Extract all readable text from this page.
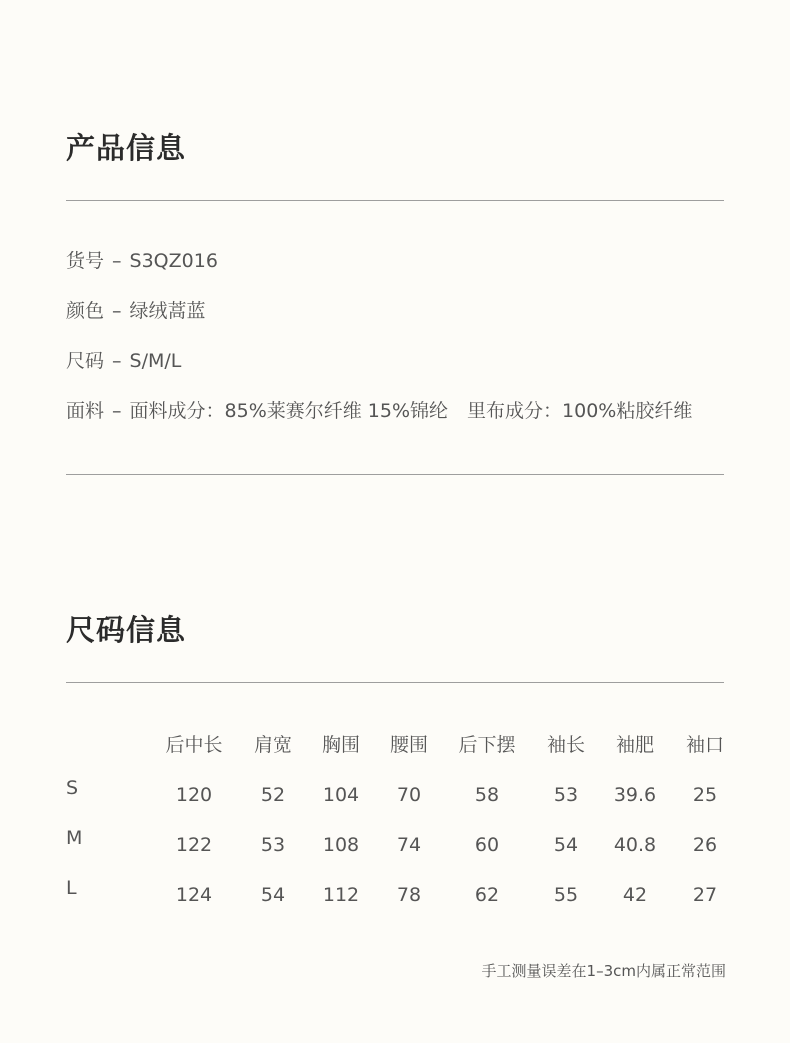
产品信息
货号 – S3QZ016
颜色 – 绿绒蒿蓝
尺码 – S/M/L
面料 – 面料成分：85%莱赛尔纤维 15%锦纶　里布成分：100%粘胶纤维
尺码信息
后中长 肩宽 胸围 腰围 后下摆 袖长 袖肥 袖口
S	120	52 104 70	58	53 39.6 25
M	122	53 108 74	60	54 40.8 26
L	124	54 112 78	62	55 42 27
手工测量误差在1–3cm内属正常范围
